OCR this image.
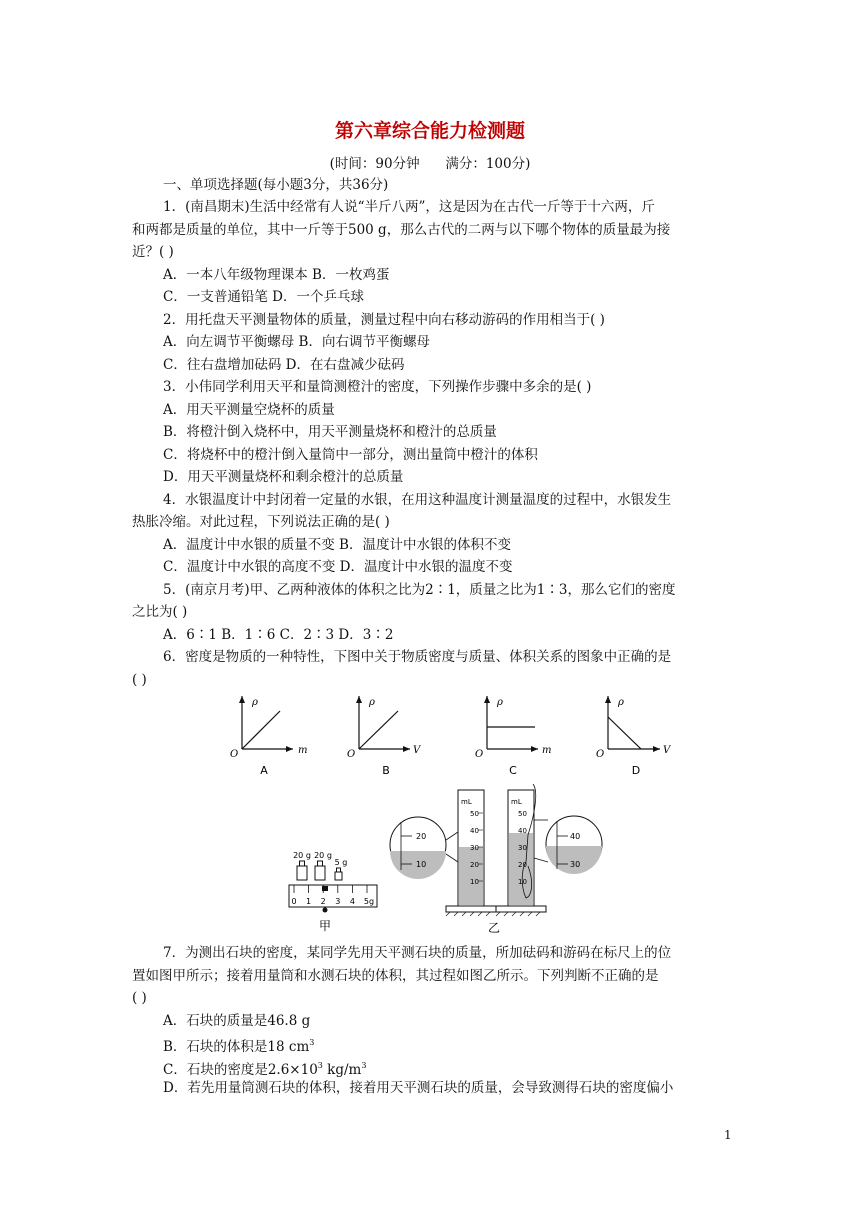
第六章综合能力检测题
(时间：90分钟      满分：100分)
一、单项选择题(每小题3分，共36分)
1．(南昌期末)生活中经常有人说“半斤八两”，这是因为在古代一斤等于十六两，斤
和两都是质量的单位，其中一斤等于500 g，那么古代的二两与以下哪个物体的质量最为接
近？( )
A．一本八年级物理课本 B．一枚鸡蛋
C．一支普通铅笔 D．一个乒乓球
2．用托盘天平测量物体的质量，测量过程中向右移动游码的作用相当于( )
A．向左调节平衡螺母 B．向右调节平衡螺母
C．往右盘增加砝码 D．在右盘减少砝码
3．小伟同学利用天平和量筒测橙汁的密度，下列操作步骤中多余的是( )
A．用天平测量空烧杯的质量
B．将橙汁倒入烧杯中，用天平测量烧杯和橙汁的总质量
C．将烧杯中的橙汁倒入量筒中一部分，测出量筒中橙汁的体积
D．用天平测量烧杯和剩余橙汁的总质量
4．水银温度计中封闭着一定量的水银，在用这种温度计测量温度的过程中，水银发生
热胀冷缩。对此过程，下列说法正确的是( )
A．温度计中水银的质量不变 B．温度计中水银的体积不变
C．温度计中水银的高度不变 D．温度计中水银的温度不变
5．(南京月考)甲、乙两种液体的体积之比为2∶1，质量之比为1∶3，那么它们的密度
之比为( )
A．6∶1 B．1∶6 C．2∶3 D．3∶2
6．密度是物质的一种特性，下图中关于物质密度与质量、体积关系的图象中正确的是
( )
ρ
m
O
A
ρ
V
O
B
ρ
m
O
C
ρ
V
O
D
20 g 20 g
5 g
0 1 2 3 4 5g
甲
20
10
mL
50
40
30
20
10
mL
50
40
30
20
10
40
30
乙
7．为测出石块的密度，某同学先用天平测石块的质量，所加砝码和游码在标尺上的位
置如图甲所示；接着用量筒和水测石块的体积，其过程如图乙所示。下列判断不正确的是
( )
A．石块的质量是46.8 g
B．石块的体积是18 $cm^3$
C．石块的密度是$2.6\times 10^3$ $kg/m^3$
D．若先用量筒测石块的体积，接着用天平测石块的质量，会导致测得石块的密度偏小
1
